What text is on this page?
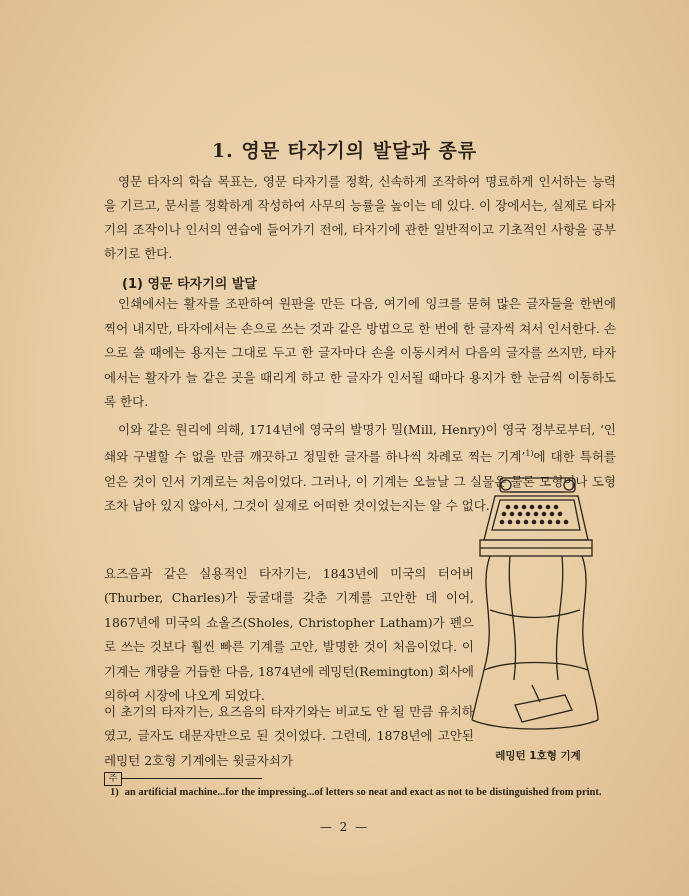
1. 영문 타자기의 발달과 종류

영문 타자의 학습 목표는, 영문 타자기를 정확, 신속하게 조작하여 명료하게 인서하는 능력을 기르고, 문서를 정확하게 작성하여 사무의 능률을 높이는 데 있다. 이 장에서는, 실제로 타자기의 조작이나 인서의 연습에 들어가기 전에, 타자기에 관한 일반적이고 기초적인 사항을 공부하기로 한다.

(1) 영문 타자기의 발달

인쇄에서는 활자를 조판하여 원판을 만든 다음, 여기에 잉크를 묻혀 많은 글자들을 한번에 찍어 내지만, 타자에서는 손으로 쓰는 것과 같은 방법으로 한 번에 한 글자씩 쳐서 인서한다. 손으로 쓸 때에는 용지는 그대로 두고 한 글자마다 손을 이동시켜서 다음의 글자를 쓰지만, 타자에서는 활자가 늘 같은 곳을 때리게 하고 한 글자가 인서될 때마다 용지가 한 눈금씩 이동하도록 한다.

이와 같은 원리에 의해, 1714년에 영국의 발명가 밀(Mill, Henry)이 영국 정부로부터, ‘인쇄와 구별할 수 없을 만큼 깨끗하고 정밀한 글자를 하나씩 차례로 찍는 기계’$^{1)}$에 대한 특허를 얻은 것이 인서 기계로는 처음이었다. 그러나, 이 기계는 오늘날 그 실물은 물론 모형이나 도형조차 남아 있지 않아서, 그것이 실제로 어떠한 것이었는지는 알 수 없다.

요즈음과 같은 실용적인 타자기는, 1843년에 미국의 터어버(Thurber, Charles)가 둥굴대를 갖춘 기계를 고안한 데 이어, 1867년에 미국의 쇼올즈(Sholes, Christopher Latham)가 펜으로 쓰는 것보다 훨씬 빠른 기계를 고안, 발명한 것이 처음이었다. 이 기계는 개량을 거듭한 다음, 1874년에 레밍턴(Remington) 회사에 의하여 시장에 나오게 되었다.

이 초기의 타자기는, 요즈음의 타자기와는 비교도 안 될 만큼 유치하였고, 글자도 대문자만으로 된 것이었다. 그런데, 1878년에 고안된 레밍턴 2호형 기계에는 윗글자쇠가	레밍턴 1호형 기계
주
1) an artificial machine...for the impressing...of letters so neat and exact as not to be distinguished from print.
— 2 —
